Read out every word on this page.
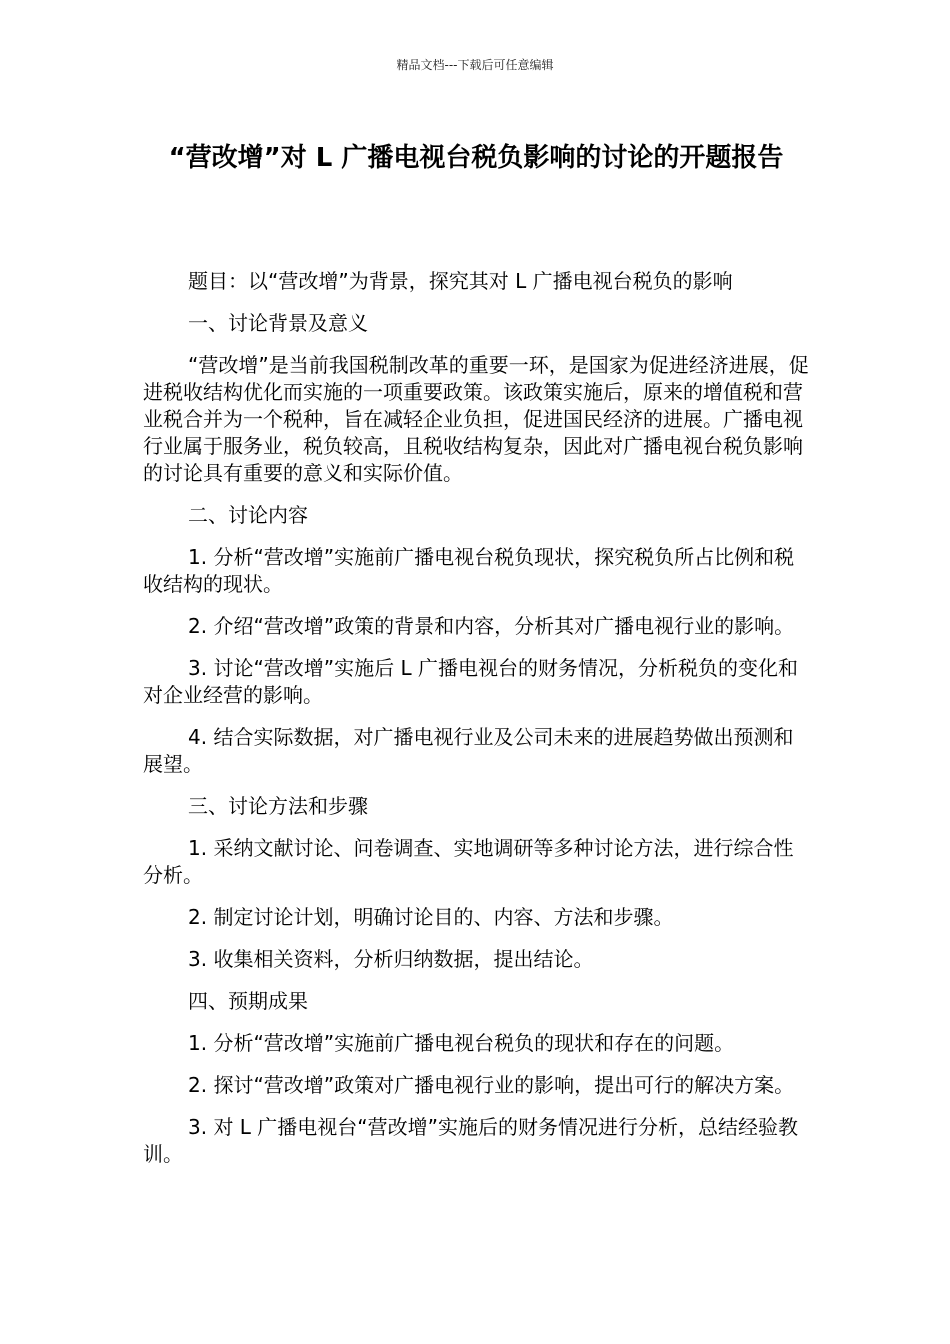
精品文档---下载后可任意编辑
“营改增”对 L 广播电视台税负影响的讨论的开题报告

题目：以“营改增”为背景，探究其对 L 广播电视台税负的影响

一、讨论背景及意义

“营改增”是当前我国税制改革的重要一环，是国家为促进经济进展，促进税收结构优化而实施的一项重要政策。该政策实施后，原来的增值税和营业税合并为一个税种，旨在减轻企业负担，促进国民经济的进展。广播电视行业属于服务业，税负较高，且税收结构复杂，因此对广播电视台税负影响的讨论具有重要的意义和实际价值。

二、讨论内容

1. 分析“营改增”实施前广播电视台税负现状，探究税负所占比例和税收结构的现状。

2. 介绍“营改增”政策的背景和内容，分析其对广播电视行业的影响。

3. 讨论“营改增”实施后 L 广播电视台的财务情况，分析税负的变化和对企业经营的影响。

4. 结合实际数据，对广播电视行业及公司未来的进展趋势做出预测和展望。

三、讨论方法和步骤

1. 采纳文献讨论、问卷调查、实地调研等多种讨论方法，进行综合性分析。

2. 制定讨论计划，明确讨论目的、内容、方法和步骤。

3. 收集相关资料，分析归纳数据，提出结论。

四、预期成果

1. 分析“营改增”实施前广播电视台税负的现状和存在的问题。

2. 探讨“营改增”政策对广播电视行业的影响，提出可行的解决方案。

3. 对 L 广播电视台“营改增”实施后的财务情况进行分析，总结经验教训。
